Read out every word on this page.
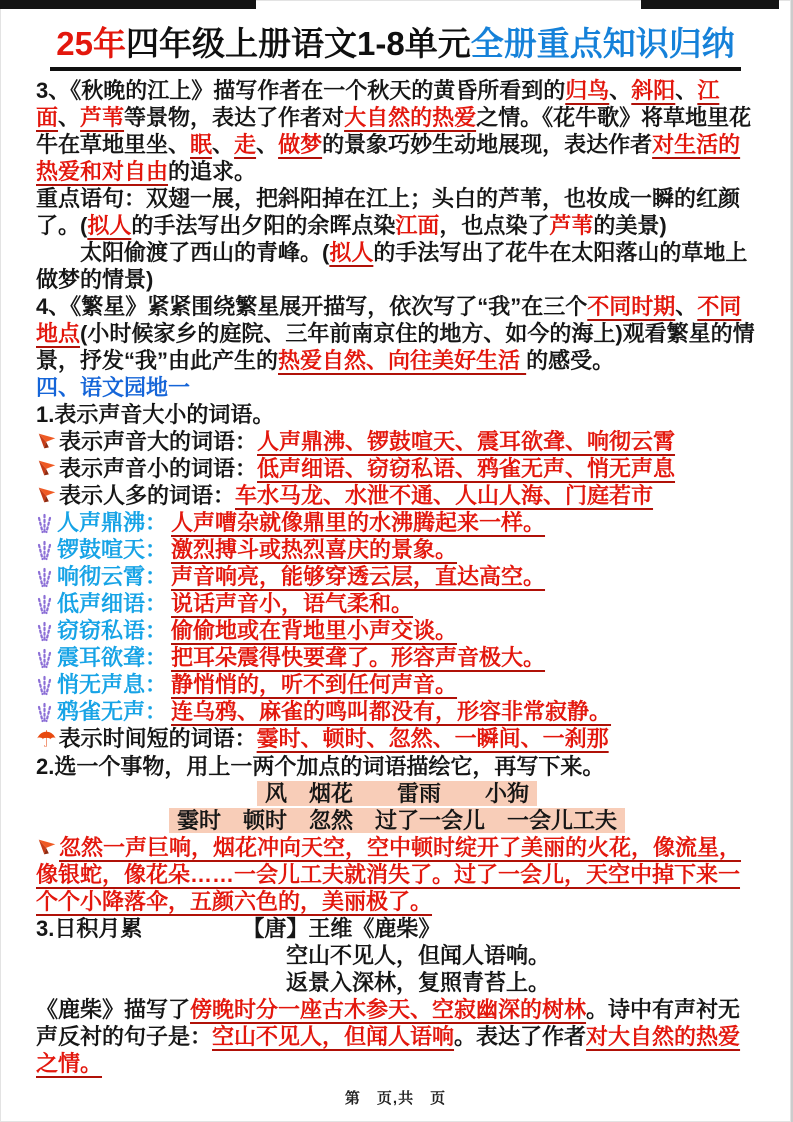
25年四年级上册语文1-8单元全册重点知识归纳

3、《秋晚的江上》描写作者在一个秋天的黄昏所看到的归鸟、斜阳、江面、芦苇等景物，表达了作者对大自然的热爱之情。《花牛歌》将草地里花牛在草地里坐、眠、走、做梦的景象巧妙生动地展现，表达作者对生活的热爱和对自由的追求。

重点语句：双翅一展，把斜阳掉在江上；头白的芦苇，也妆成一瞬的红颜了。(拟人的手法写出夕阳的余晖点染江面，也点染了芦苇的美景)

太阳偷渡了西山的青峰。(拟人的手法写出了花牛在太阳落山的草地上做梦的情景)

4、《繁星》紧紧围绕繁星展开描写，依次写了“我”在三个不同时期、不同地点(小时候家乡的庭院、三年前南京住的地方、如今的海上)观看繁星的情景，抒发“我”由此产生的热爱自然、向往美好生活 的感受。

四、语文园地一
1.表示声音大小的词语。
表示声音大的词语：人声鼎沸、锣鼓喧天、震耳欲聋、响彻云霄
表示声音小的词语：低声细语、窃窃私语、鸦雀无声、悄无声息
表示人多的词语：车水马龙、水泄不通、人山人海、门庭若市
人声鼎沸： 人声嘈杂就像鼎里的水沸腾起来一样。
锣鼓喧天： 激烈搏斗或热烈喜庆的景象。
响彻云霄： 声音响亮，能够穿透云层，直达高空。
低声细语： 说话声音小，语气柔和。
窃窃私语： 偷偷地或在背地里小声交谈。
震耳欲聋： 把耳朵震得快要聋了。形容声音极大。
悄无声息： 静悄悄的，听不到任何声音。
鸦雀无声： 连乌鸦、麻雀的鸣叫都没有，形容非常寂静。
☂表示时间短的词语：霎时、顿时、忽然、一瞬间、一刹那
2.选一个事物，用上一两个加点的词语描绘它，再写下来。
风　烟花　　雷雨　　小狗
霎时　顿时　忽然　过了一会儿　一会儿工夫

忽然一声巨响，烟花冲向天空，空中顿时绽开了美丽的火花，像流星，像银蛇，像花朵……一会儿工夫就消失了。过了一会儿，天空中掉下来一个个小降落伞，五颜六色的，美丽极了。

3.日积月累	【唐】王维《鹿柴》
空山不见人，但闻人语响。
返景入深林，复照青苔上。

《鹿柴》描写了傍晚时分一座古木参天、空寂幽深的树林。诗中有声衬无声反衬的句子是：空山不见人，但闻人语响。表达了作者对大自然的热爱之情。

第　页,共　页
